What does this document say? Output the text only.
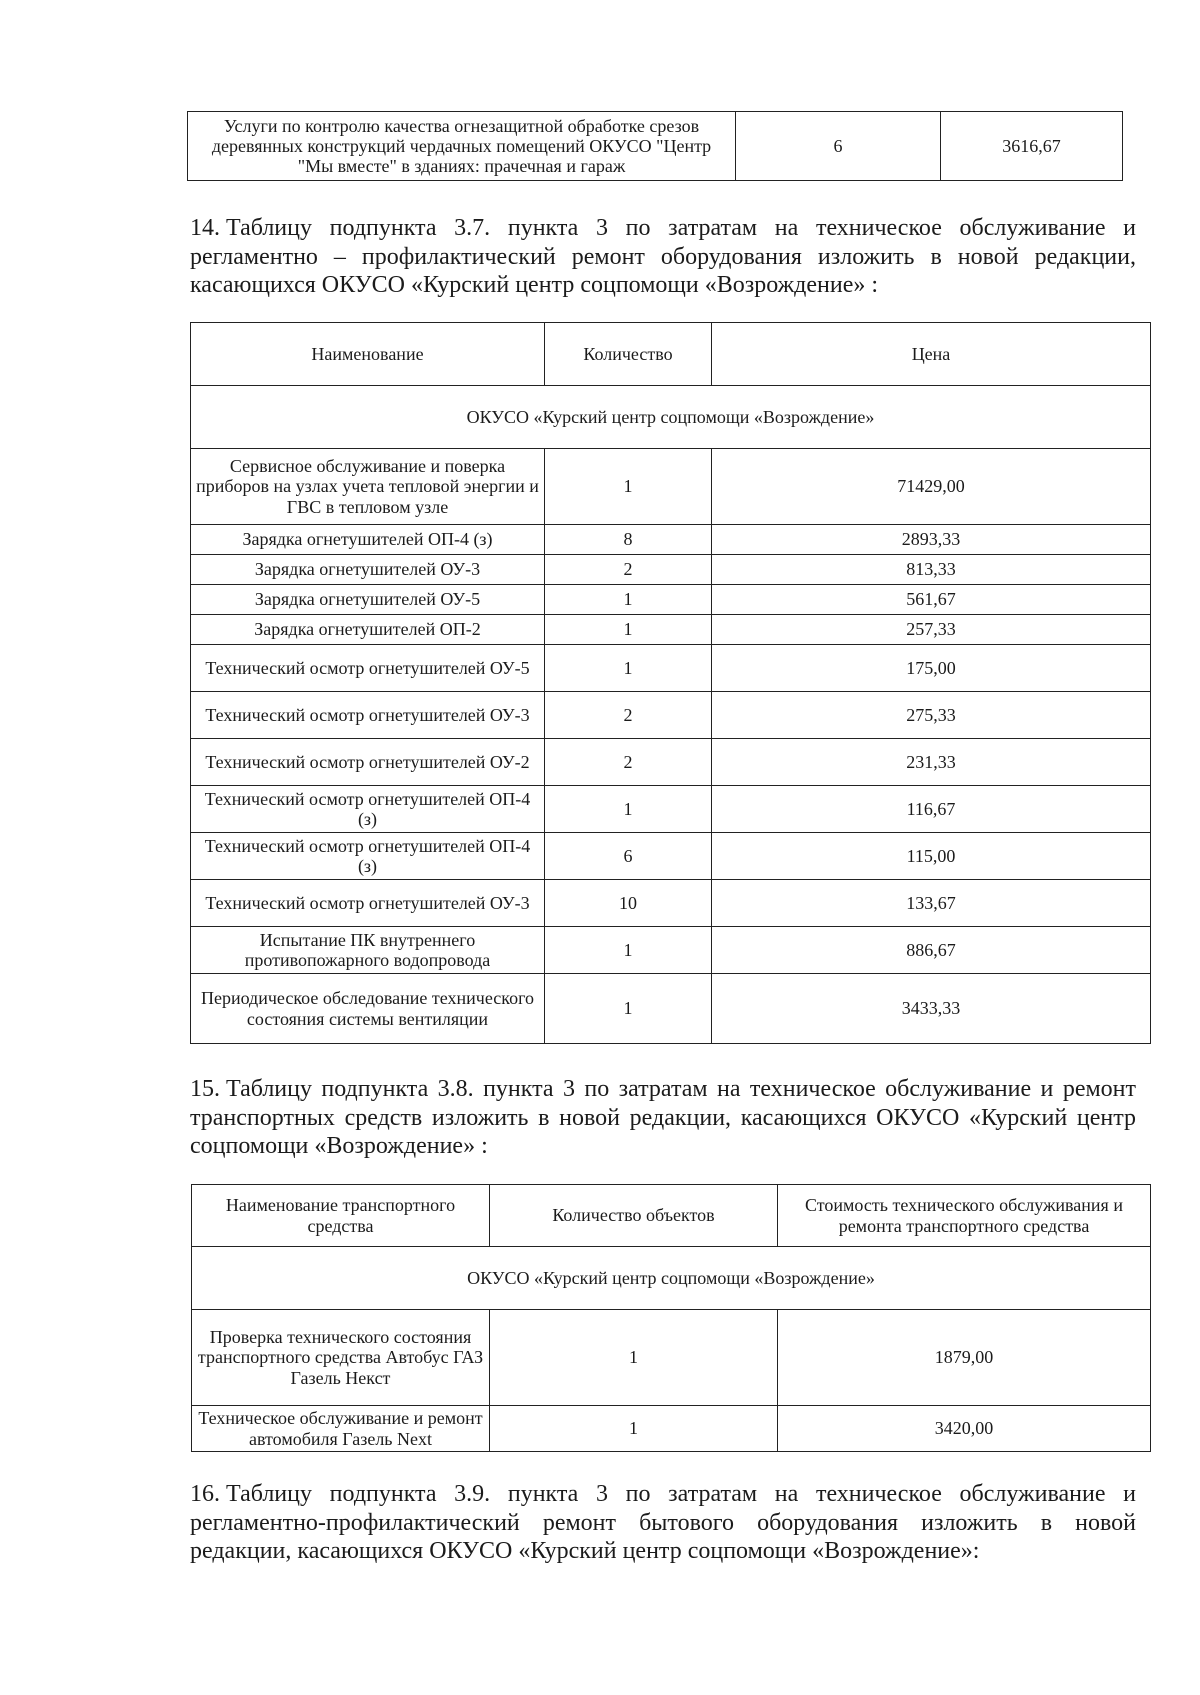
Услуги по контролю качества огнезащитной обработке срезов деревянных конструкций чердачных помещений ОКУСО "Центр "Мы вместе" в зданиях: прачечная и гараж	6	3616,67

14. Таблицу подпункта 3.7. пункта 3 по затратам на техническое обслуживание и регламентно – профилактический ремонт оборудования изложить в новой редакции, касающихся ОКУСО «Курский центр соцпомощи «Возрождение» :

Наименование	Количество	Цена
ОКУСО «Курский центр соцпомощи «Возрождение»		
Сервисное обслуживание и поверка приборов на узлах учета тепловой энергии и ГВС в тепловом узле	1	71429,00
Зарядка огнетушителей ОП-4 (з)	8	2893,33
Зарядка огнетушителей ОУ-3	2	813,33
Зарядка огнетушителей ОУ-5	1	561,67
Зарядка огнетушителей ОП-2	1	257,33
Технический осмотр огнетушителей ОУ-5	1	175,00
Технический осмотр огнетушителей ОУ-3	2	275,33
Технический осмотр огнетушителей ОУ-2	2	231,33
Технический осмотр огнетушителей ОП-4 (з)	1	116,67
Технический осмотр огнетушителей ОП-4 (з)	6	115,00
Технический осмотр огнетушителей ОУ-3	10	133,67
Испытание ПК внутреннего противопожарного водопровода	1	886,67
Периодическое обследование технического состояния системы вентиляции	1	3433,33

15. Таблицу подпункта 3.8. пункта 3 по затратам на техническое обслуживание и ремонт транспортных средств изложить в новой редакции, касающихся ОКУСО «Курский центр соцпомощи «Возрождение» :

Наименование транспортного средства	Количество объектов	Стоимость технического обслуживания и ремонта транспортного средства
ОКУСО «Курский центр соцпомощи «Возрождение»		
Проверка технического состояния транспортного средства Автобус ГАЗ Газель Некст	1	1879,00
Техническое обслуживание и ремонт автомобиля Газель Next	1	3420,00

16. Таблицу подпункта 3.9. пункта 3 по затратам на техническое обслуживание и регламентно-профилактический ремонт бытового оборудования изложить в новой редакции, касающихся ОКУСО «Курский центр соцпомощи «Возрождение»:
